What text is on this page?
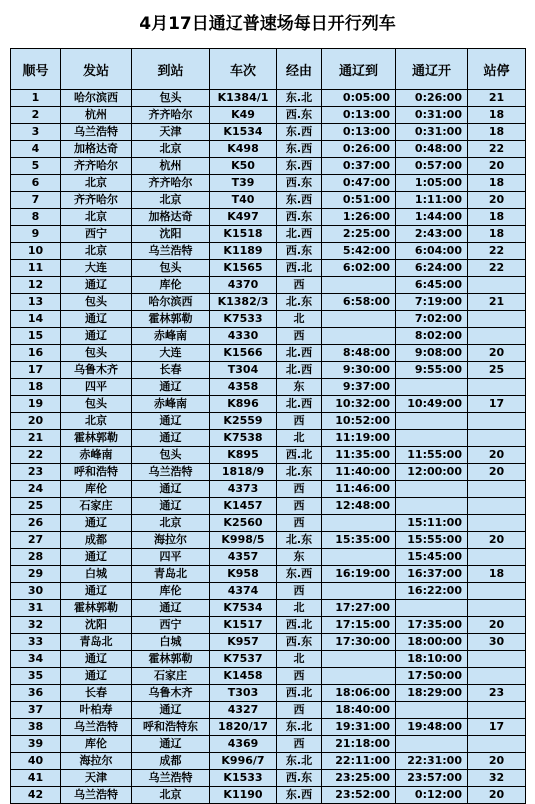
4月17日通辽普速场每日开行列车
顺号	发站	到站	车次	经由	通辽到	通辽开	站停
1	哈尔滨西	包头	K1384/1	东.北	0:05:00	0:26:00	21
2	杭州	齐齐哈尔	K49	西.东	0:13:00	0:31:00	18
3	乌兰浩特	天津	K1534	东.西	0:13:00	0:31:00	18
4	加格达奇	北京	K498	东.西	0:26:00	0:48:00	22
5	齐齐哈尔	杭州	K50	东.西	0:37:00	0:57:00	20
6	北京	齐齐哈尔	T39	西.东	0:47:00	1:05:00	18
7	齐齐哈尔	北京	T40	东.西	0:51:00	1:11:00	20
8	北京	加格达奇	K497	西.东	1:26:00	1:44:00	18
9	西宁	沈阳	K1518	北.西	2:25:00	2:43:00	18
10	北京	乌兰浩特	K1189	西.东	5:42:00	6:04:00	22
11	大连	包头	K1565	西.北	6:02:00	6:24:00	22
12	通辽	库伦	4370	西		6:45:00	
13	包头	哈尔滨西	K1382/3	北.东	6:58:00	7:19:00	21
14	通辽	霍林郭勒	K7533	北		7:02:00	
15	通辽	赤峰南	4330	西		8:02:00	
16	包头	大连	K1566	北.西	8:48:00	9:08:00	20
17	乌鲁木齐	长春	T304	北.西	9:30:00	9:55:00	25
18	四平	通辽	4358	东	9:37:00		
19	包头	赤峰南	K896	北.西	10:32:00	10:49:00	17
20	北京	通辽	K2559	西	10:52:00		
21	霍林郭勒	通辽	K7538	北	11:19:00		
22	赤峰南	包头	K895	西.北	11:35:00	11:55:00	20
23	呼和浩特	乌兰浩特	1818/9	北.东	11:40:00	12:00:00	20
24	库伦	通辽	4373	西	11:46:00		
25	石家庄	通辽	K1457	西	12:48:00		
26	通辽	北京	K2560	西		15:11:00	
27	成都	海拉尔	K998/5	北.东	15:35:00	15:55:00	20
28	通辽	四平	4357	东		15:45:00	
29	白城	青岛北	K958	东.西	16:19:00	16:37:00	18
30	通辽	库伦	4374	西		16:22:00	
31	霍林郭勒	通辽	K7534	北	17:27:00		
32	沈阳	西宁	K1517	西.北	17:15:00	17:35:00	20
33	青岛北	白城	K957	西.东	17:30:00	18:00:00	30
34	通辽	霍林郭勒	K7537	北		18:10:00	
35	通辽	石家庄	K1458	西		17:50:00	
36	长春	乌鲁木齐	T303	西.北	18:06:00	18:29:00	23
37	叶柏寿	通辽	4327	西	18:40:00		
38	乌兰浩特	呼和浩特东	1820/17	东.北	19:31:00	19:48:00	17
39	库伦	通辽	4369	西	21:18:00		
40	海拉尔	成都	K996/7	东.北	22:11:00	22:31:00	20
41	天津	乌兰浩特	K1533	西.东	23:25:00	23:57:00	32
42	乌兰浩特	北京	K1190	东.西	23:52:00	0:12:00	20
